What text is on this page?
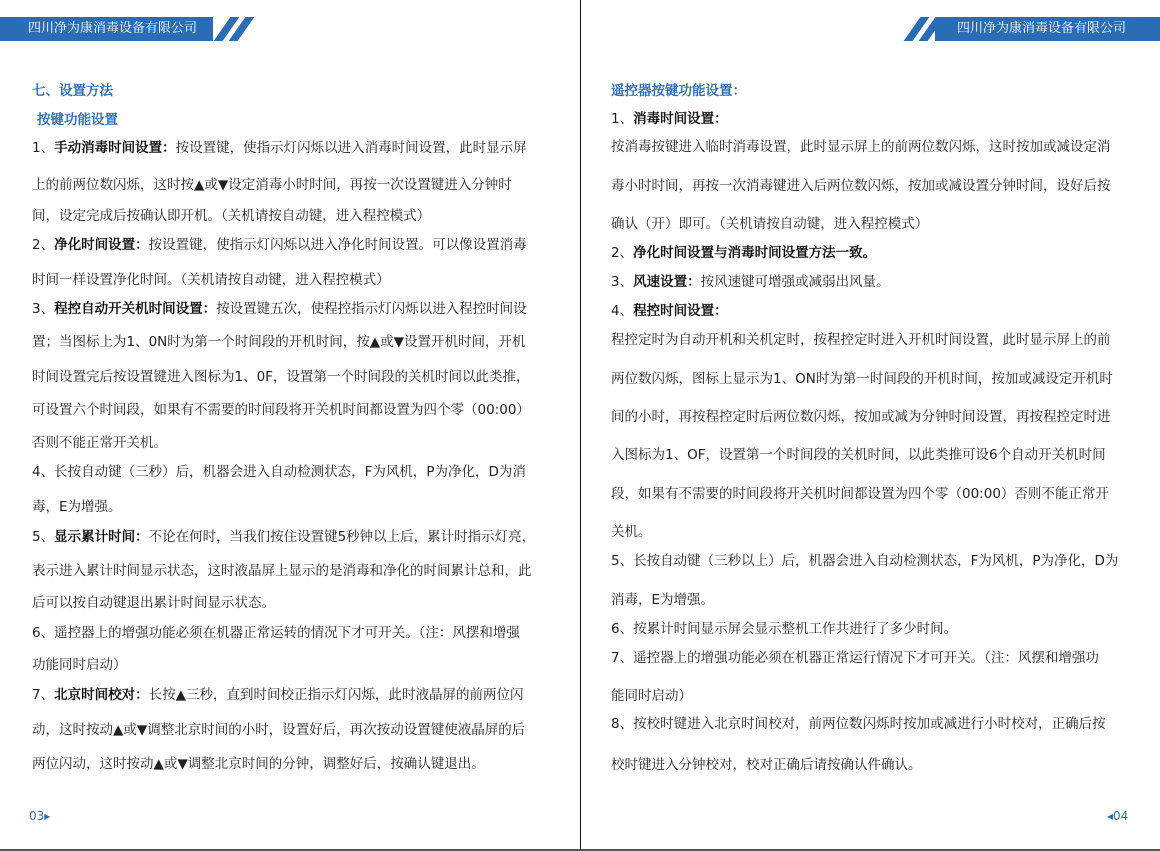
四川净为康消毒设备有限公司
七、设置方法
按键功能设置
1、手动消毒时间设置：按设置键，使指示灯闪烁以进入消毒时间设置，此时显示屏
上的前两位数闪烁，这时按▲或▼设定消毒小时时间，再按一次设置键进入分钟时
间，设定完成后按确认即开机。（关机请按自动键，进入程控模式）
2、净化时间设置：按设置键，使指示灯闪烁以进入净化时间设置。可以像设置消毒
时间一样设置净化时间。（关机请按自动键，进入程控模式）
3、程控自动开关机时间设置：按设置键五次，使程控指示灯闪烁以进入程控时间设
置；当图标上为1、0N时为第一个时间段的开机时间，按▲或▼设置开机时间，开机
时间设置完后按设置键进入图标为1、0F，设置第一个时间段的关机时间以此类推，
可设置六个时间段，如果有不需要的时间段将开关机时间都设置为四个零（00:00）
否则不能正常开关机。
4、长按自动键（三秒）后，机器会进入自动检测状态，F为风机，P为净化，D为消
毒，E为增强。
5、显示累计时间：不论在何时，当我们按住设置键5秒钟以上后，累计时指示灯亮，
表示进入累计时间显示状态，这时液晶屏上显示的是消毒和净化的时间累计总和，此
后可以按自动键退出累计时间显示状态。
6、遥控器上的增强功能必须在机器正常运转的情况下才可开关。（注：风摆和增强
功能同时启动）
7、北京时间校对：长按▲三秒，直到时间校正指示灯闪烁，此时液晶屏的前两位闪
动，这时按动▲或▼调整北京时间的小时，设置好后，再次按动设置键使液晶屏的后
两位闪动，这时按动▲或▼调整北京时间的分钟，调整好后，按确认键退出。
03▸
四川净为康消毒设备有限公司
遥控器按键功能设置：
1、消毒时间设置：
按消毒按键进入临时消毒设置，此时显示屏上的前两位数闪烁，这时按加或减设定消
毒小时时间，再按一次消毒键进入后两位数闪烁，按加或减设置分钟时间，设好后按
确认（开）即可。（关机请按自动键，进入程控模式）
2、净化时间设置与消毒时间设置方法一致。
3、风速设置：按风速键可增强或减弱出风量。
4、程控时间设置：
程控定时为自动开机和关机定时，按程控定时进入开机时间设置，此时显示屏上的前
两位数闪烁，图标上显示为1、ON时为第一时间段的开机时间，按加或减设定开机时
间的小时，再按程控定时后两位数闪烁，按加或减为分钟时间设置，再按程控定时进
入图标为1、OF，设置第一个时间段的关机时间，以此类推可设6个自动开关机时间
段，如果有不需要的时间段将开关机时间都设置为四个零（00:00）否则不能正常开
关机。
5、长按自动键（三秒以上）后，机器会进入自动检测状态，F为风机，P为净化，D为
消毒，E为增强。
6、按累计时间显示屏会显示整机工作共进行了多少时间。
7、遥控器上的增强功能必须在机器正常运行情况下才可开关。（注：风摆和增强功
能同时启动）
8、按校时键进入北京时间校对，前两位数闪烁时按加或减进行小时校对，正确后按
校时键进入分钟校对，校对正确后请按确认件确认。
◂04
